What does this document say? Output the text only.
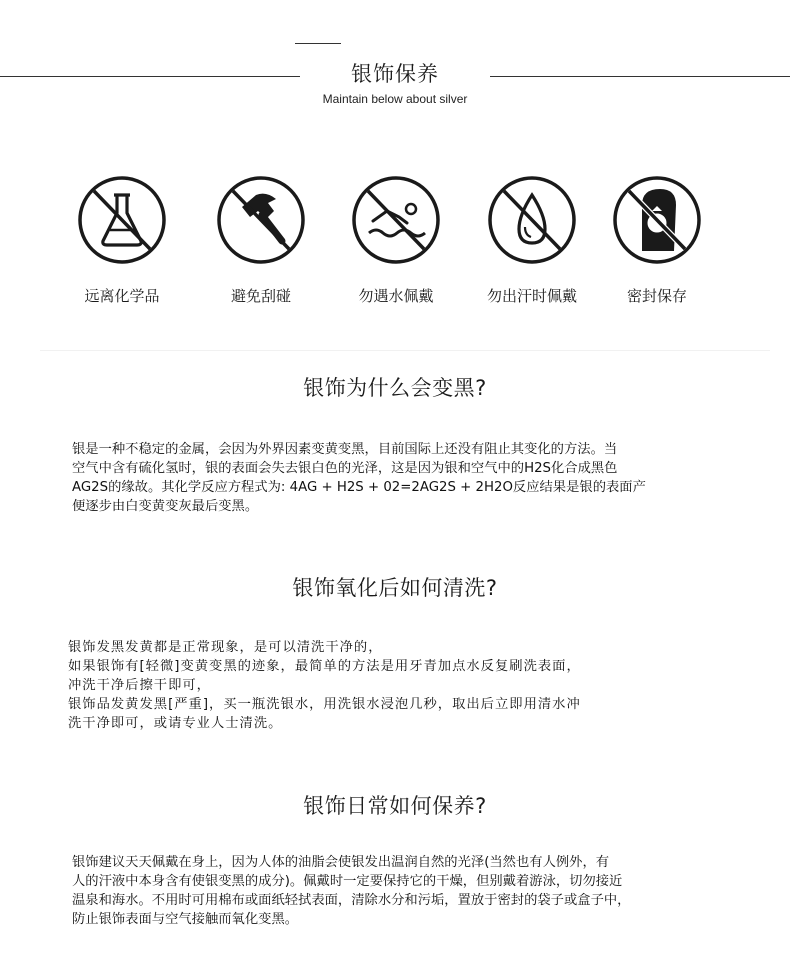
银饰保养
Maintain below about silver
远离化学品	避免刮碰	勿遇水佩戴	勿出汗时佩戴	密封保存
银饰为什么会变黑?

银是一种不稳定的金属，会因为外界因素变黄变黑，目前国际上还没有阻止其变化的方法。当

空气中含有硫化氢时，银的表面会失去银白色的光泽，这是因为银和空气中的H2S化合成黑色

AG2S的缘故。其化学反应方程式为: 4AG + H2S + 02=2AG2S + 2H2O反应结果是银的表面产

便逐步由白变黄变灰最后变黑。

银饰氧化后如何清洗?

银饰发黑发黄都是正常现象，是可以清洗干净的，

如果银饰有[轻微]变黄变黑的迹象，最简单的方法是用牙青加点水反复刷洗表面，

冲洗干净后擦干即可，

银饰品发黄发黑[严重]，买一瓶洗银水，用洗银水浸泡几秒，取出后立即用清水冲

洗干净即可，或请专业人士清洗。

银饰日常如何保养?

银饰建议天天佩戴在身上，因为人体的油脂会使银发出温润自然的光泽(当然也有人例外，有

人的汗液中本身含有使银变黑的成分)。佩戴时一定要保持它的干燥，但别戴着游泳，切勿接近

温泉和海水。不用时可用棉布或面纸轻拭表面，清除水分和污垢，置放于密封的袋子或盒子中，

防止银饰表面与空气接触而氧化变黑。
